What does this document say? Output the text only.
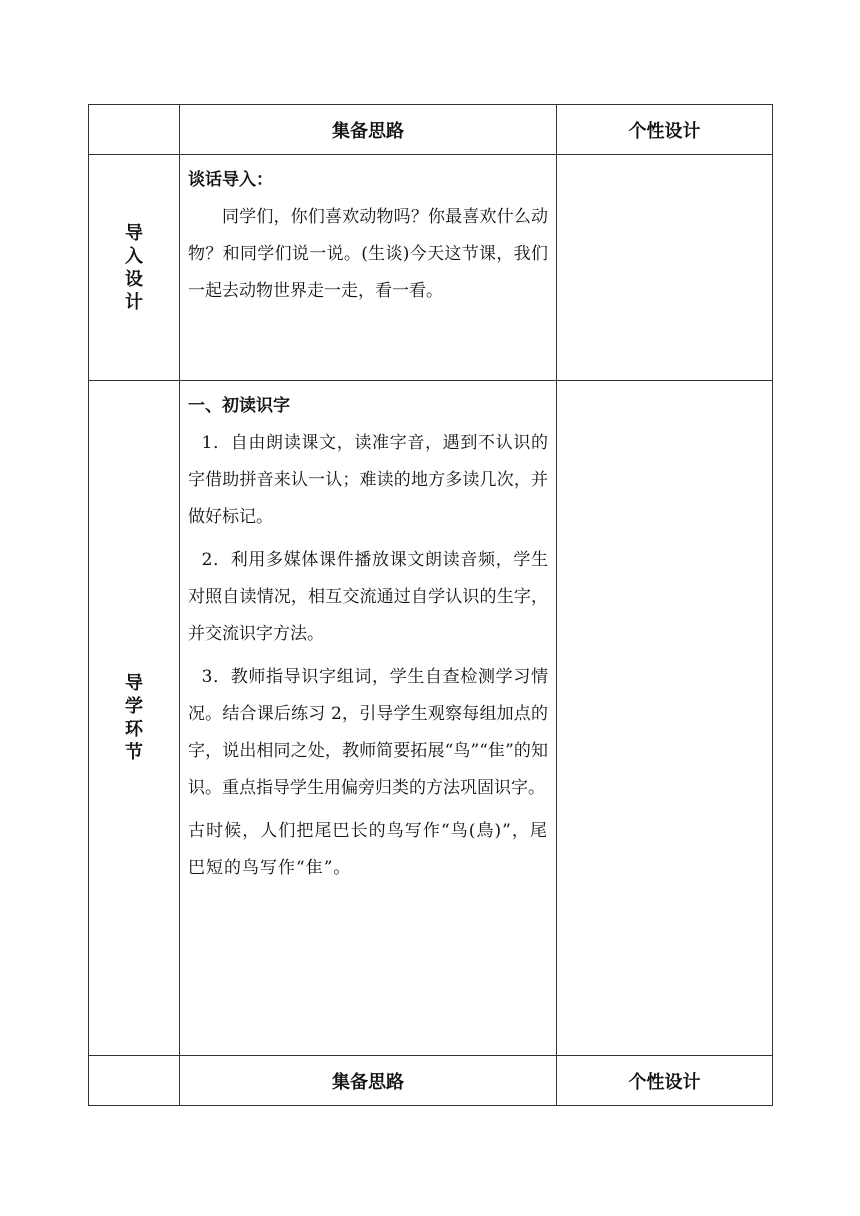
	集备思路	个性设计
导入设计	谈话导入：

同学们，你们喜欢动物吗？你最喜欢什么动物？和同学们说一说。(生谈)今天这节课，我们一起去动物世界走一走，看一看。	

导学环节	一、初读识字

1．自由朗读课文，读准字音，遇到不认识的字借助拼音来认一认；难读的地方多读几次，并做好标记。

2．利用多媒体课件播放课文朗读音频，学生对照自读情况，相互交流通过自学认识的生字，并交流识字方法。

3．教师指导识字组词，学生自查检测学习情况。结合课后练习 2，引导学生观察每组加点的字，说出相同之处，教师简要拓展“鸟”“隹”的知识。重点指导学生用偏旁归类的方法巩固识字。

古时候，人们把尾巴长的鸟写作“鸟(鳥)”，尾巴短的鸟写作“隹”。	

	集备思路	个性设计
